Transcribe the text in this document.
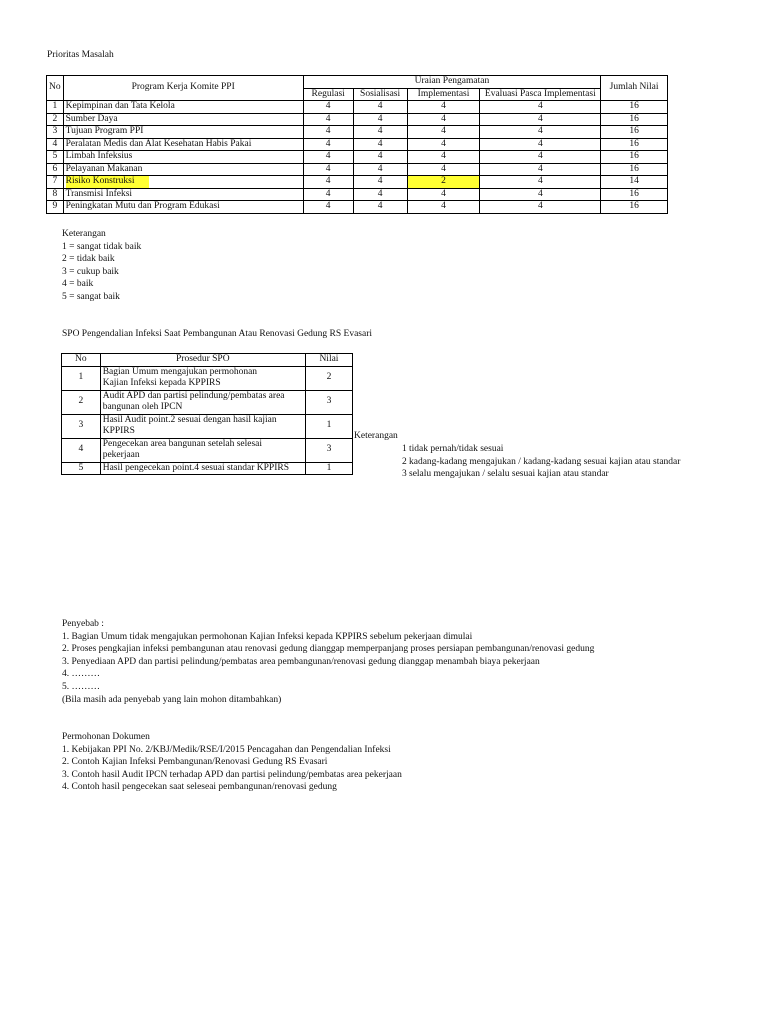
Prioritas Masalah
No	Program Kerja Komite PPI	Uraian Pengamatan				Jumlah Nilai
		Regulasi	Sosialisasi	Implementasi	Evaluasi Pasca Implementasi	
1	Kepimpinan dan Tata Kelola	4	4	4	4	16
2	Sumber Daya	4	4	4	4	16
3	Tujuan Program PPI	4	4	4	4	16
4	Peralatan Medis dan Alat Kesehatan Habis Pakai	4	4	4	4	16
5	Limbah Infeksius	4	4	4	4	16
6	Pelayanan Makanan	4	4	4	4	16
7	Risiko Konstruksi	4	4	2	4	14
8	Transmisi Infeksi	4	4	4	4	16
9	Peningkatan Mutu dan Program Edukasi	4	4	4	4	16
Keterangan
1 = sangat tidak baik
2 = tidak baik
3 = cukup baik
4 = baik
5 = sangat baik
SPO Pengendalian Infeksi Saat Pembangunan Atau Renovasi Gedung RS Evasari
No	Prosedur SPO	Nilai
1	Bagian Umum mengajukan permohonan
Kajian Infeksi kepada KPPIRS	2
2	Audit APD dan partisi pelindung/pembatas area
bangunan oleh IPCN	3
3	Hasil Audit point.2 sesuai dengan hasil kajian
KPPIRS	1
4	Pengecekan area bangunan setelah selesai
pekerjaan	3
5	Hasil pengecekan point.4 sesuai standar KPPIRS	1
Keterangan
1 tidak pernah/tidak sesuai
2 kadang-kadang mengajukan / kadang-kadang sesuai kajian atau standar
3 selalu mengajukan / selalu sesuai kajian atau standar
Penyebab :
1. Bagian Umum tidak mengajukan permohonan Kajian Infeksi kepada KPPIRS sebelum pekerjaan dimulai
2. Proses pengkajian infeksi pembangunan atau renovasi gedung dianggap memperpanjang proses persiapan pembangunan/renovasi gedung
3. Penyediaan APD dan partisi pelindung/pembatas area pembangunan/renovasi gedung dianggap menambah biaya pekerjaan
4. ………
5. ………
(Bila masih ada penyebab yang lain mohon ditambahkan)
Permohonan Dokumen
1. Kebijakan PPI No. 2/KBJ/Medik/RSE/I/2015 Pencagahan dan Pengendalian Infeksi
2. Contoh Kajian Infeksi Pembangunan/Renovasi Gedung RS Evasari
3. Contoh hasil Audit IPCN terhadap APD dan partisi pelindung/pembatas area pekerjaan
4. Contoh hasil pengecekan saat seleseai pembangunan/renovasi gedung
